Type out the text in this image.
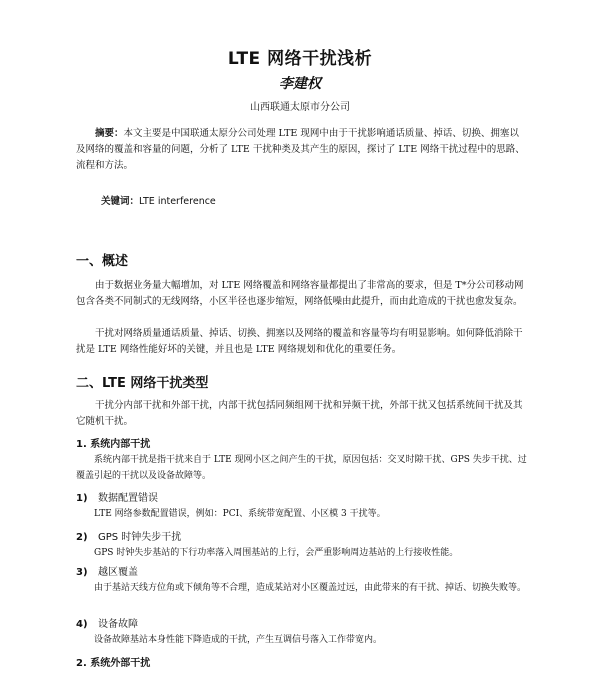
LTE 网络干扰浅析
李建权
山西联通太原市分公司
摘要：本文主要是中国联通太原分公司处理 LTE 现网中由于干扰影响通话质量、掉话、切换、拥塞以及网络的覆盖和容量的问题，分析了 LTE 干扰种类及其产生的原因，探讨了 LTE 网络干扰过程中的思路、流程和方法。
关键词：LTE interference
一、概述
由于数据业务量大幅增加，对 LTE 网络覆盖和网络容量都提出了非常高的要求，但是 T*分公司移动网包含各类不同制式的无线网络，小区半径也逐步缩短，网络低噪由此提升，而由此造成的干扰也愈发复杂。
干扰对网络质量通话质量、掉话、切换、拥塞以及网络的覆盖和容量等均有明显影响。如何降低消除干扰是 LTE 网络性能好坏的关键，并且也是 LTE 网络规划和优化的重要任务。
二、LTE 网络干扰类型
干扰分内部干扰和外部干扰，内部干扰包括同频组网干扰和异频干扰，外部干扰又包括系统间干扰及其它随机干扰。
1. 系统内部干扰
系统内部干扰是指干扰来自于 LTE 现网小区之间产生的干扰，原因包括：交叉时隙干扰、GPS 失步干扰、过覆盖引起的干扰以及设备故障等。
1) 数据配置错误
LTE 网络参数配置错误，例如：PCI、系统带宽配置、小区模 3 干扰等。
2) GPS 时钟失步干扰
GPS 时钟失步基站的下行功率落入周围基站的上行，会严重影响周边基站的上行接收性能。
3) 越区覆盖
由于基站天线方位角或下倾角等不合理，造成某站对小区覆盖过远，由此带来的有干扰、掉话、切换失败等。
4) 设备故障
设备故障基站本身性能下降造成的干扰，产生互调信号落入工作带宽内。
2. 系统外部干扰
